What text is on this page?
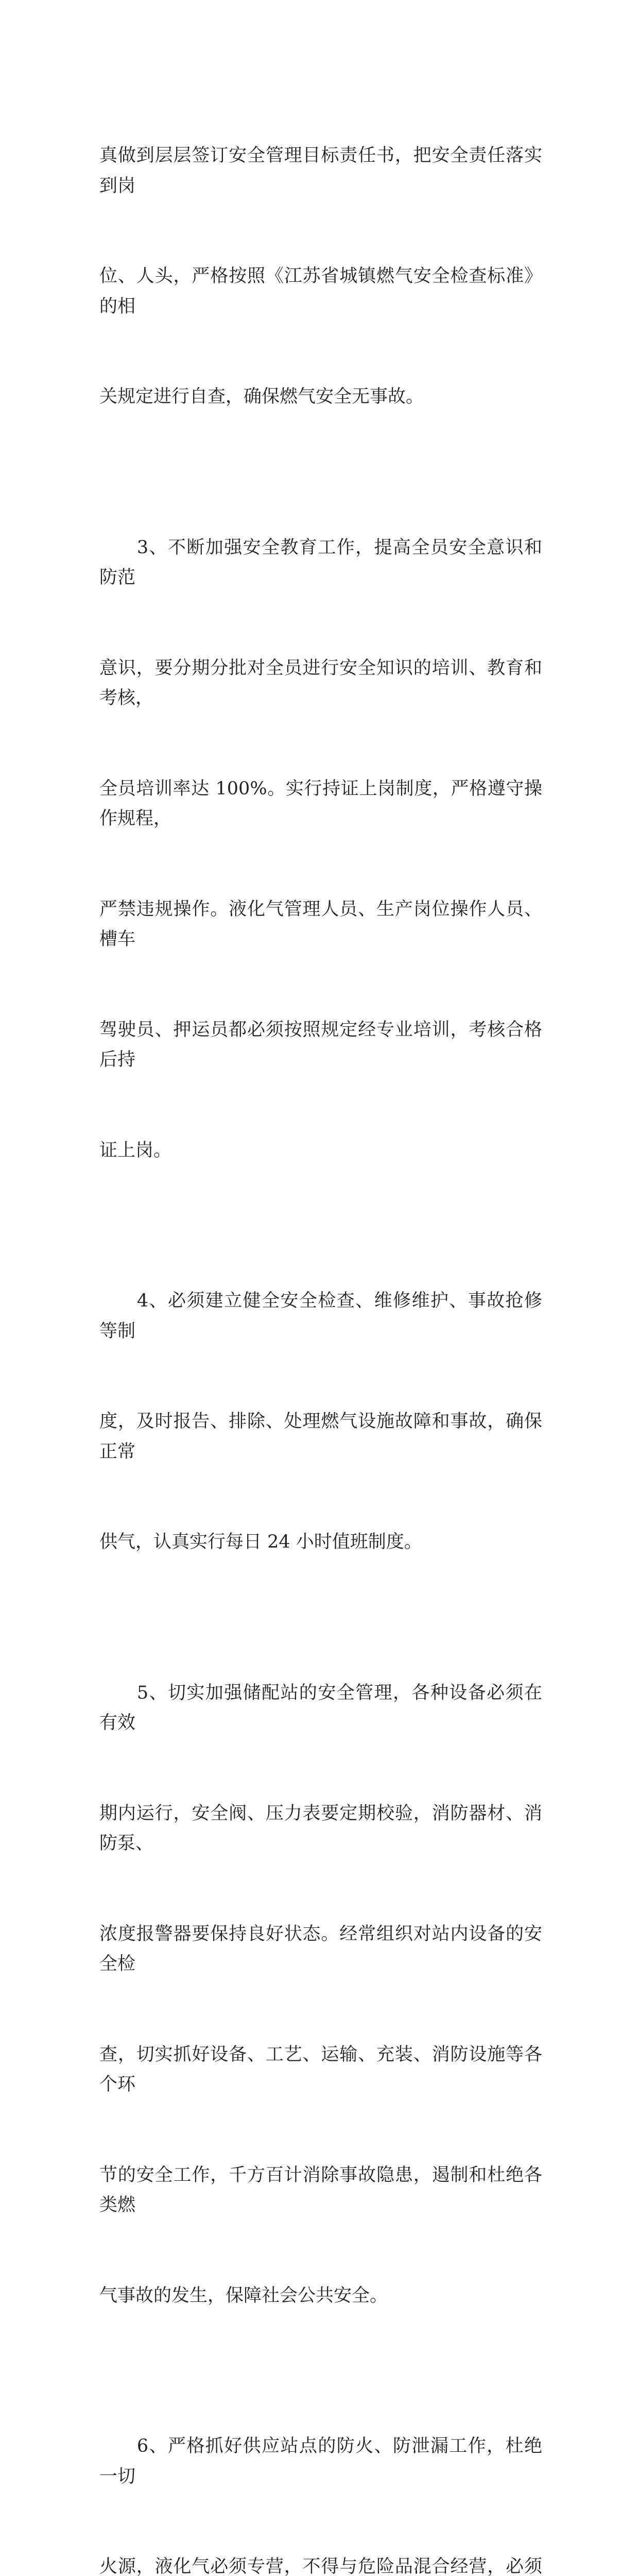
真做到层层签订安全管理目标责任书，把安全责任落实到岗

位、人头，严格按照《江苏省城镇燃气安全检查标准》的相

关规定进行自查，确保燃气安全无事故。

　　3、不断加强安全教育工作，提高全员安全意识和防范

意识，要分期分批对全员进行安全知识的培训、教育和考核，

全员培训率达 100%。实行持证上岗制度，严格遵守操作规程，

严禁违规操作。液化气管理人员、生产岗位操作人员、槽车

驾驶员、押运员都必须按照规定经专业培训，考核合格后持

证上岗。

　　4、必须建立健全安全检查、维修维护、事故抢修等制

度，及时报告、排除、处理燃气设施故障和事故，确保正常

供气，认真实行每日 24 小时值班制度。

　　5、切实加强储配站的安全管理，各种设备必须在有效

期内运行，安全阀、压力表要定期校验，消防器材、消防泵、

浓度报警器要保持良好状态。经常组织对站内设备的安全检

查，切实抓好设备、工艺、运输、充装、消防设施等各个环

节的安全工作，千方百计消除事故隐患，遏制和杜绝各类燃

气事故的发生，保障社会公共安全。

　　6、严格抓好供应站点的防火、防泄漏工作，杜绝一切

火源，液化气必须专营，不得与危险品混合经营，必须
